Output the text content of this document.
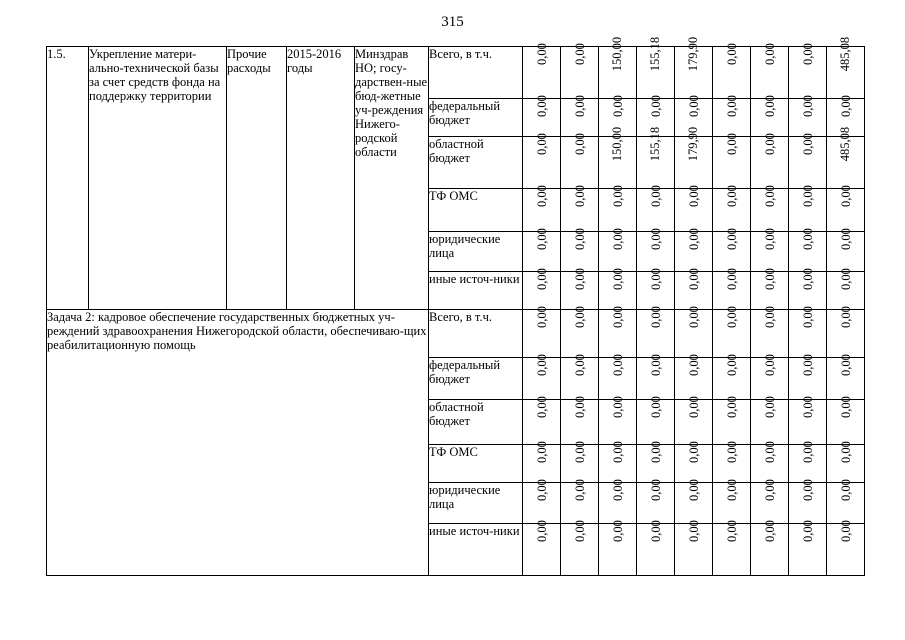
315
1.5.	Укрепление матери-ально-технической базы за счет средств фонда на поддержку территории	Прочие расходы	2015-2016 годы	Минздрав НО; госу-дарствен-ные бюд-жетные уч-реждения Нижего-родской области	Всего, в т.ч.	0,00	0,00	150,00	155,18	179,90	0,00	0,00	0,00	485,08
					федеральный бюджет	0,00	0,00	0,00	0,00	0,00	0,00	0,00	0,00	0,00
					областной бюджет	0,00	0,00	150,00	155,18	179,90	0,00	0,00	0,00	485,08
					ТФ ОМС	0,00	0,00	0,00	0,00	0,00	0,00	0,00	0,00	0,00
					юридические лица	0,00	0,00	0,00	0,00	0,00	0,00	0,00	0,00	0,00
					иные источ-ники	0,00	0,00	0,00	0,00	0,00	0,00	0,00	0,00	0,00
Задача 2: кадровое обеспечение государственных бюджетных уч-реждений здравоохранения Нижегородской области, обеспечиваю-щих реабилитационную помощь					Всего, в т.ч.	0,00	0,00	0,00	0,00	0,00	0,00	0,00	0,00	0,00
					федеральный бюджет	0,00	0,00	0,00	0,00	0,00	0,00	0,00	0,00	0,00
					областной бюджет	0,00	0,00	0,00	0,00	0,00	0,00	0,00	0,00	0,00
					ТФ ОМС	0,00	0,00	0,00	0,00	0,00	0,00	0,00	0,00	0,00
					юридические лица	0,00	0,00	0,00	0,00	0,00	0,00	0,00	0,00	0,00
					иные источ-ники	0,00	0,00	0,00	0,00	0,00	0,00	0,00	0,00	0,00
